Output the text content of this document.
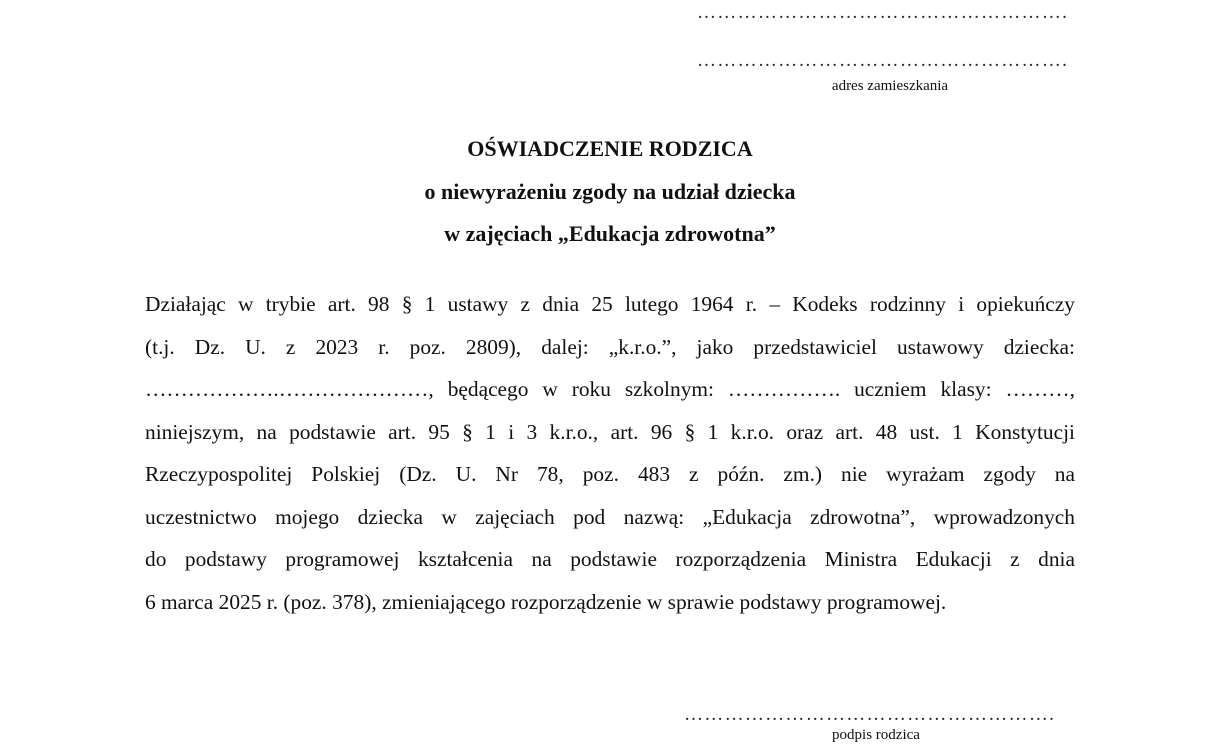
……………………………………………….
……………………………………………….
adres zamieszkania
OŚWIADCZENIE RODZICA
o niewyrażeniu zgody na udział dziecka
w zajęciach „Edukacja zdrowotna”
Działając w trybie art. 98 § 1 ustawy z dnia 25 lutego 1964 r. – Kodeks rodzinny i opiekuńczy
(t.j. Dz. U. z 2023 r. poz. 2809), dalej: „k.r.o.”, jako przedstawiciel ustawowy dziecka:
……………….…………………, będącego w roku szkolnym: ……………. uczniem klasy: ………,
niniejszym, na podstawie art. 95 § 1 i 3 k.r.o., art. 96 § 1 k.r.o. oraz art. 48 ust. 1 Konstytucji
Rzeczypospolitej Polskiej (Dz. U. Nr 78, poz. 483 z późn. zm.) nie wyrażam zgody na
uczestnictwo mojego dziecka w zajęciach pod nazwą: „Edukacja zdrowotna”, wprowadzonych
do podstawy programowej kształcenia na podstawie rozporządzenia Ministra Edukacji z dnia
6 marca 2025 r. (poz. 378), zmieniającego rozporządzenie w sprawie podstawy programowej.
……………………………………………….
podpis rodzica
